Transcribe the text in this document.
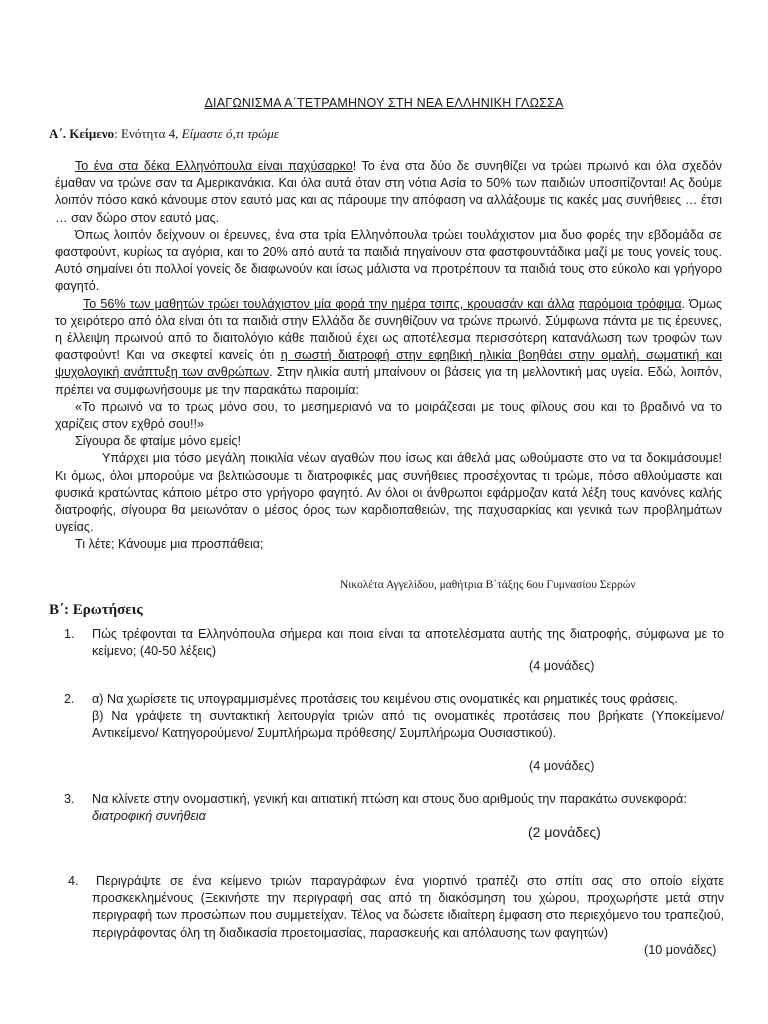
ΔΙΑΓΩΝΙΣΜΑ Α΄ΤΕΤΡΑΜΗΝΟΥ ΣΤΗ ΝΕΑ ΕΛΛΗΝΙΚΗ ΓΛΩΣΣΑ
Α΄. Κείμενο: Ενότητα 4, Είμαστε ό,τι τρώμε

Το ένα στα δέκα Ελληνόπουλα είναι παχύσαρκο! Το ένα στα δύο δε συνηθίζει να τρώει πρωινό και όλα σχεδόν έμαθαν να τρώνε σαν τα Αμερικανάκια. Και όλα αυτά όταν στη νότια Ασία το 50% των παιδιών υποσιτίζονται! Ας δούμε λοιπόν πόσο κακό κάνουμε στον εαυτό μας και ας πάρουμε την απόφαση να αλλάξουμε τις κακές μας συνήθειες … έτσι … σαν δώρο στον εαυτό μας.

Όπως λοιπόν δείχνουν οι έρευνες, ένα στα τρία Ελληνόπουλα τρώει τουλάχιστον μια δυο φορές την εβδομάδα σε φαστφούντ, κυρίως τα αγόρια, και το 20% από αυτά τα παιδιά πηγαίνουν στα φαστφουντάδικα μαζί με τους γονείς τους. Αυτό σημαίνει ότι πολλοί γονείς δε διαφωνούν και ίσως μάλιστα να προτρέπουν τα παιδιά τους στο εύκολο και γρήγορο φαγητό.

Το 56% των μαθητών τρώει τουλάχιστον μία φορά την ημέρα τσιπς, κρουασάν και άλλα παρόμοια τρόφιμα. Όμως το χειρότερο από όλα είναι ότι τα παιδιά στην Ελλάδα δε συνηθίζουν να τρώνε πρωινό. Σύμφωνα πάντα με τις έρευνες, η έλλειψη πρωινού από το διαιτολόγιο κάθε παιδιού έχει ως αποτέλεσμα περισσότερη κατανάλωση των τροφών των φαστφούντ! Και να σκεφτεί κανείς ότι η σωστή διατροφή στην εφηβική ηλικία βοηθάει στην ομαλή, σωματική και ψυχολογική ανάπτυξη των ανθρώπων. Στην ηλικία αυτή μπαίνουν οι βάσεις για τη μελλοντική μας υγεία. Εδώ, λοιπόν, πρέπει να συμφωνήσουμε με την παρακάτω παροιμία:

«Το πρωινό να το τρως μόνο σου, το μεσημεριανό να το μοιράζεσαι με τους φίλους σου και το βραδινό να το χαρίζεις στον εχθρό σου!!»

Σίγουρα δε φταίμε μόνο εμείς!

Υπάρχει μια τόσο μεγάλη ποικιλία νέων αγαθών που ίσως και άθελά μας ωθούμαστε στο να τα δοκιμάσουμε! Κι όμως, όλοι μπορούμε να βελτιώσουμε τι διατροφικές μας συνήθειες προσέχοντας τι τρώμε, πόσο αθλούμαστε και φυσικά κρατώντας κάποιο μέτρο στο γρήγορο φαγητό. Αν όλοι οι άνθρωποι εφάρμοζαν κατά λέξη τους κανόνες καλής διατροφής, σίγουρα θα μειωνόταν ο μέσος όρος των καρδιοπαθειών, της παχυσαρκίας και γενικά των προβλημάτων υγείας.

Τι λέτε; Κάνουμε μια προσπάθεια;

Νικολέτα Αγγελίδου, μαθήτρια Β΄τάξης 6ου Γυμνασίου Σερρών
Β΄: Ερωτήσεις
1.	Πώς τρέφονται τα Ελληνόπουλα σήμερα και ποια είναι τα αποτελέσματα αυτής της διατροφής, σύμφωνα με το κείμενο; (40-50 λέξεις)
(4 μονάδες)
2.	α) Να χωρίσετε τις υπογραμμισμένες προτάσεις του κειμένου στις ονοματικές και ρηματικές τους φράσεις.
β) Να γράψετε τη συντακτική λειτουργία τριών από τις ονοματικές προτάσεις που βρήκατε (Υποκείμενο/ Αντικείμενο/ Κατηγορούμενο/ Συμπλήρωμα πρόθεσης/ Συμπλήρωμα Ουσιαστικού).
(4 μονάδες)
3.	Να κλίνετε στην ονομαστική, γενική και αιτιατική πτώση και στους δυο αριθμούς την παρακάτω συνεκφορά:
διατροφική συνήθεια
(2 μονάδες)
4.	Περιγράψτε σε ένα κείμενο τριών παραγράφων ένα γιορτινό τραπέζι στο σπίτι σας στο οποίο είχατε προσκεκλημένους (Ξεκινήστε την περιγραφή σας από τη διακόσμηση του χώρου, προχωρήστε μετά στην περιγραφή των προσώπων που συμμετείχαν. Τέλος να δώσετε ιδιαίτερη έμφαση στο περιεχόμενο του τραπεζιού, περιγράφοντας όλη τη διαδικασία προετοιμασίας, παρασκευής και απόλαυσης των φαγητών)
(10 μονάδες)
